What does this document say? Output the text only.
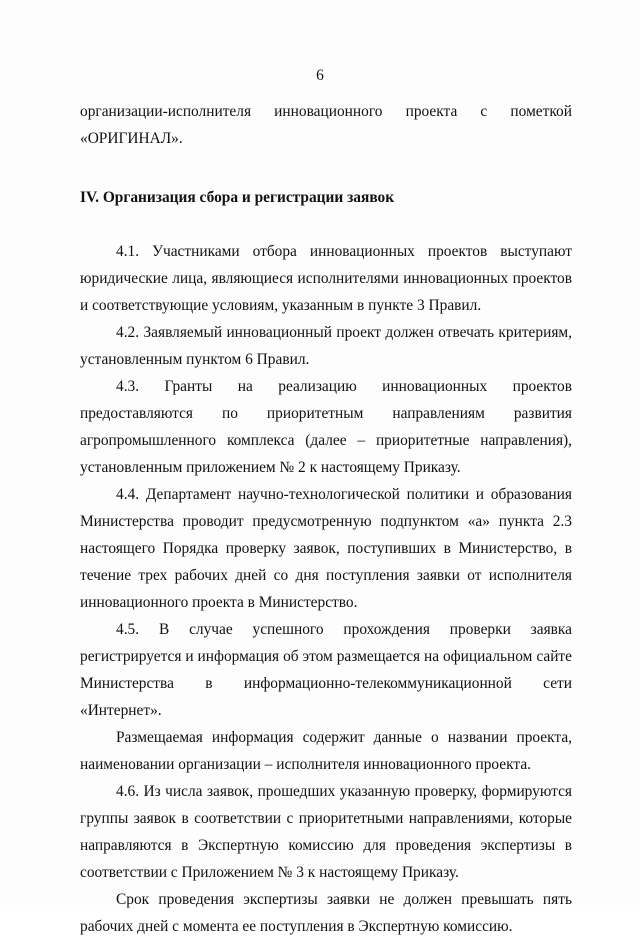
6

организации-исполнителя инновационного проекта с пометкой «ОРИГИНАЛ».

IV. Организация сбора и регистрации заявок

4.1. Участниками отбора инновационных проектов выступают юридические лица, являющиеся исполнителями инновационных проектов и соответствующие условиям, указанным в пункте 3 Правил.

4.2. Заявляемый инновационный проект должен отвечать критериям, установленным пунктом 6 Правил.

4.3. Гранты на реализацию инновационных проектов предоставляются по приоритетным направлениям развития агропромышленного комплекса (далее – приоритетные направления), установленным приложением № 2 к настоящему Приказу.

4.4. Департамент научно-технологической политики и образования Министерства проводит предусмотренную подпунктом «а» пункта 2.3 настоящего Порядка проверку заявок, поступивших в Министерство, в течение трех рабочих дней со дня поступления заявки от исполнителя инновационного проекта в Министерство.

4.5. В случае успешного прохождения проверки заявка регистрируется и информация об этом размещается на официальном сайте Министерства в информационно-телекоммуникационной сети «Интернет».

Размещаемая информация содержит данные о названии проекта, наименовании организации – исполнителя инновационного проекта.

4.6. Из числа заявок, прошедших указанную проверку, формируются группы заявок в соответствии с приоритетными направлениями, которые направляются в Экспертную комиссию для проведения экспертизы в соответствии с Приложением № 3 к настоящему Приказу.

Срок проведения экспертизы заявки не должен превышать пять рабочих дней с момента ее поступления в Экспертную комиссию.
